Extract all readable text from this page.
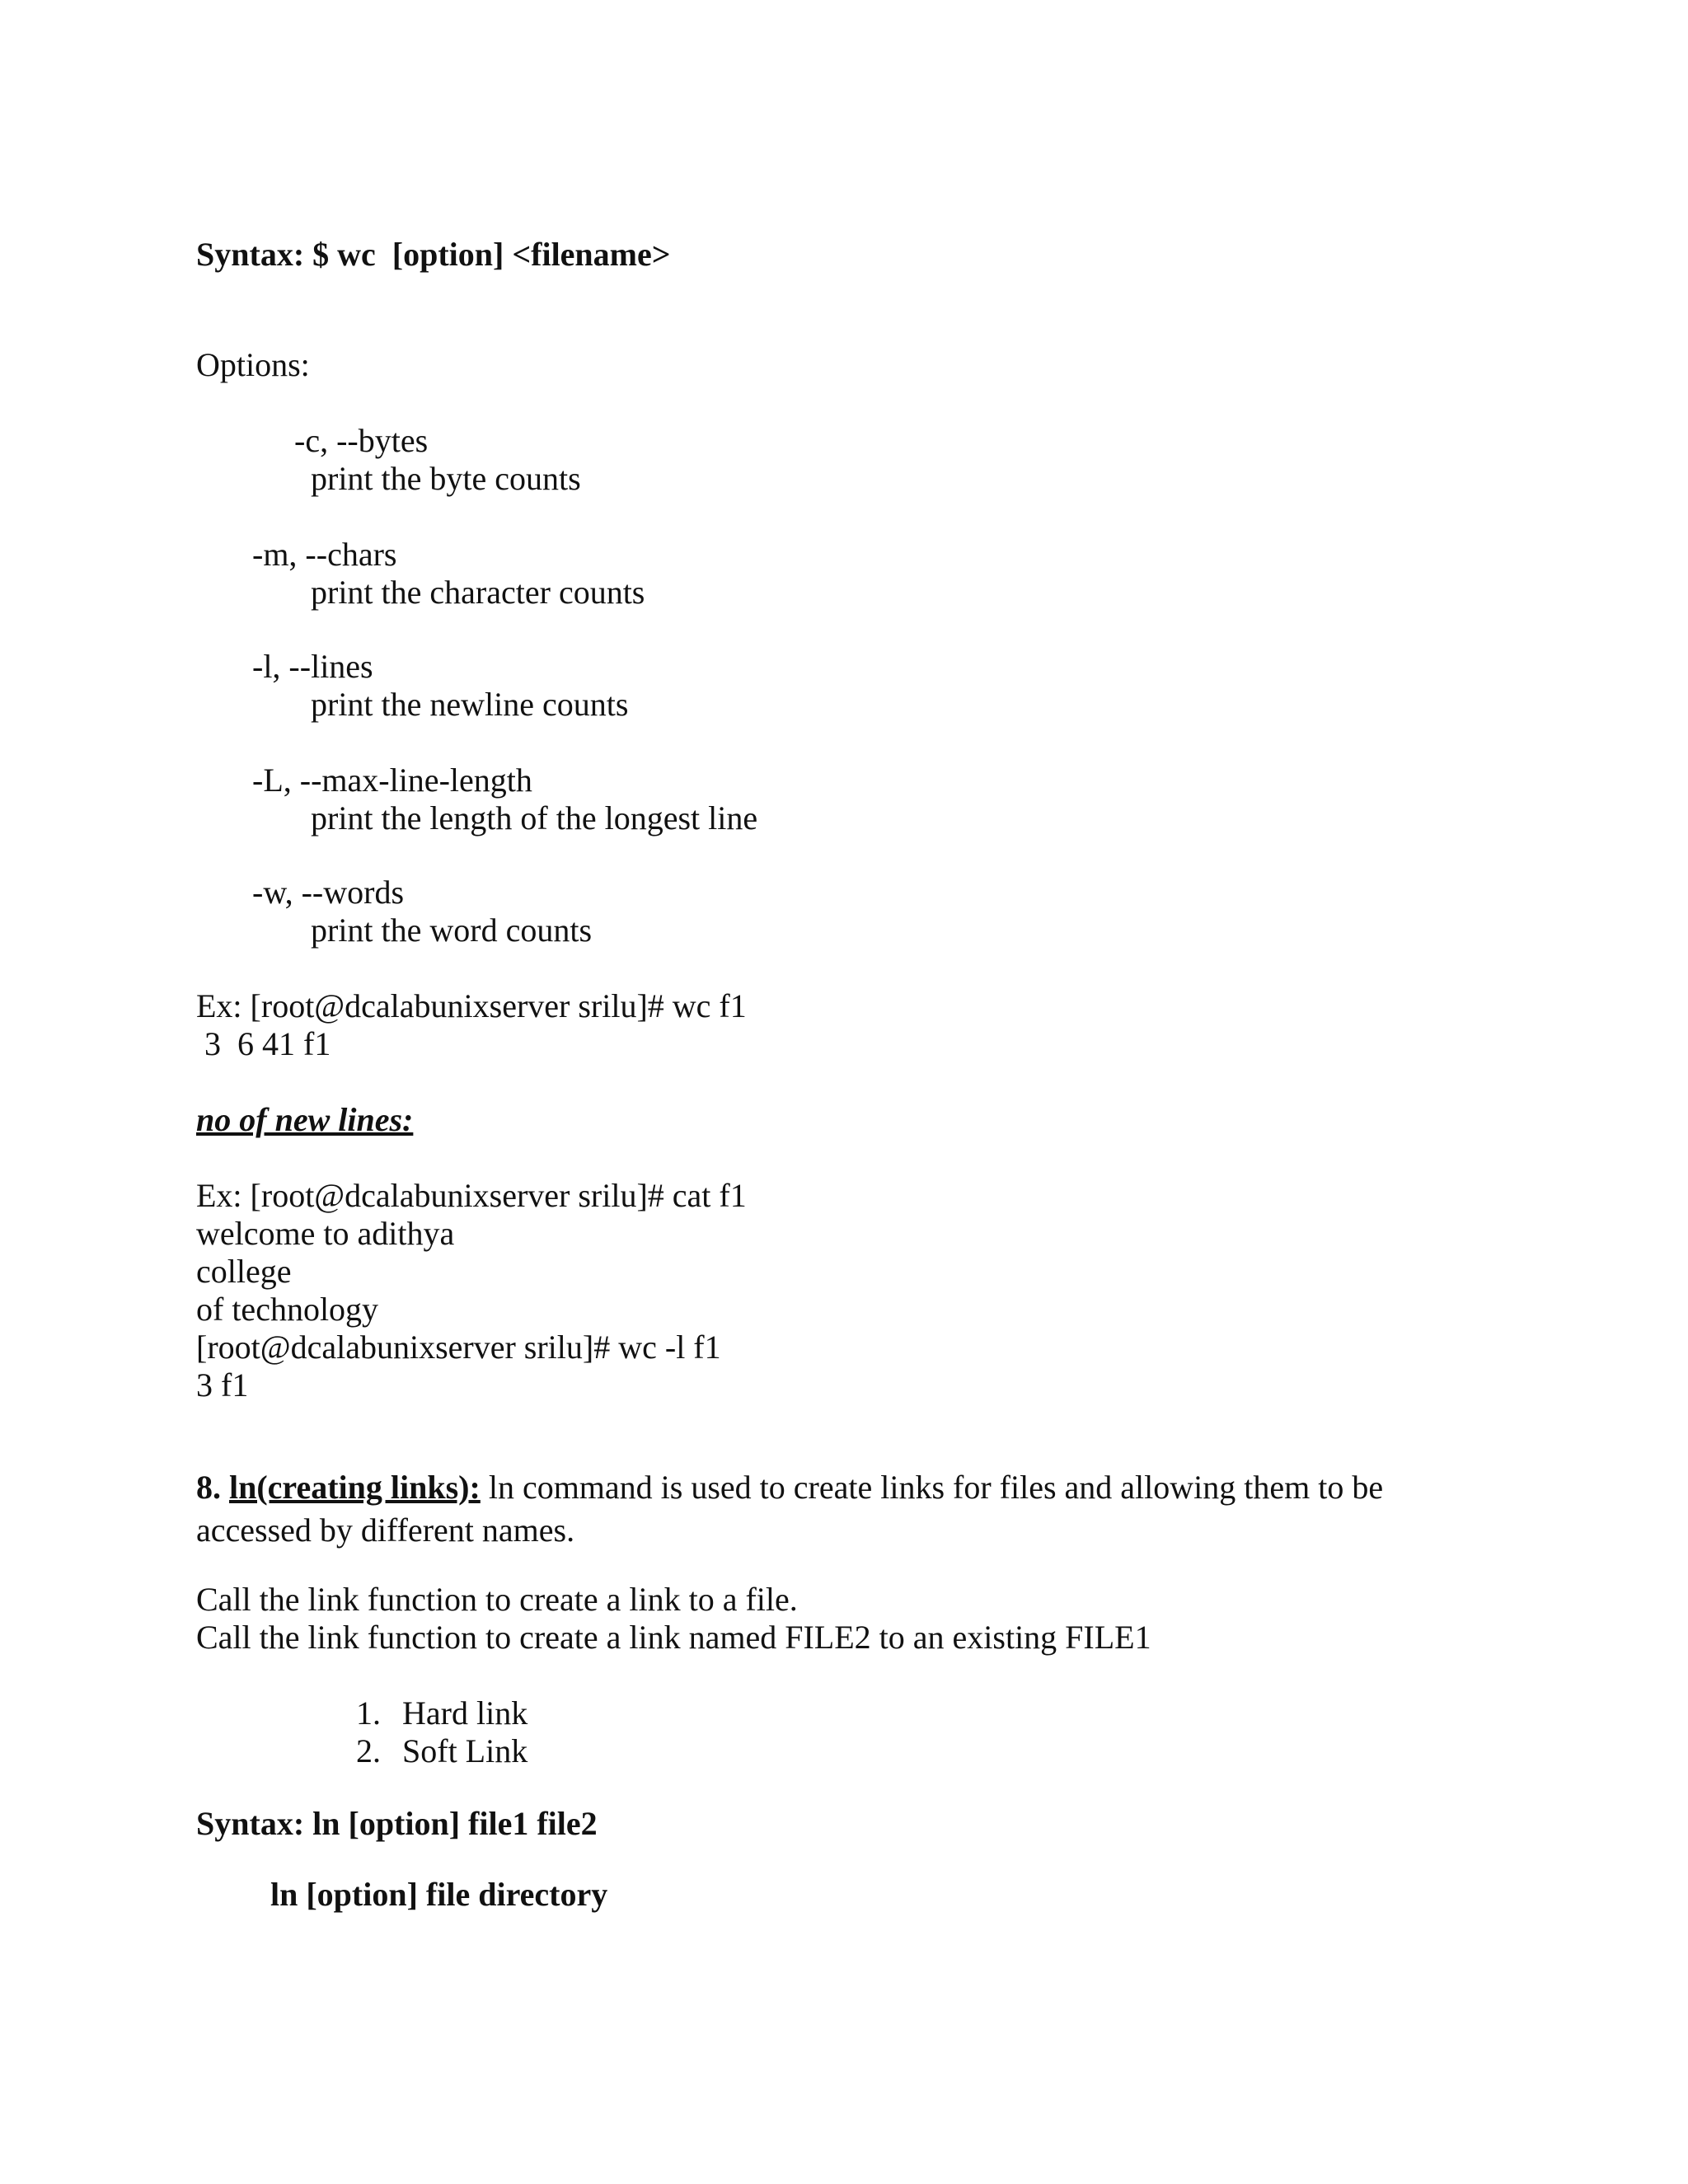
Syntax: $ wc  [option] <filename>
Options:
-c, --bytes
print the byte counts
-m, --chars
print the character counts
-l, --lines
print the newline counts
-L, --max-line-length
print the length of the longest line
-w, --words
print the word counts
Ex: [root@dcalabunixserver srilu]# wc f1
3  6 41 f1
no of new lines:
Ex: [root@dcalabunixserver srilu]# cat f1
welcome to adithya
college
of technology
[root@dcalabunixserver srilu]# wc -l f1
3 f1
8. ln(creating links): ln command is used to create links for files and allowing them to be
accessed by different names.
Call the link function to create a link to a file.
Call the link function to create a link named FILE2 to an existing FILE1
1. Hard link
2. Soft Link
Syntax: ln [option] file1 file2
ln [option] file directory
